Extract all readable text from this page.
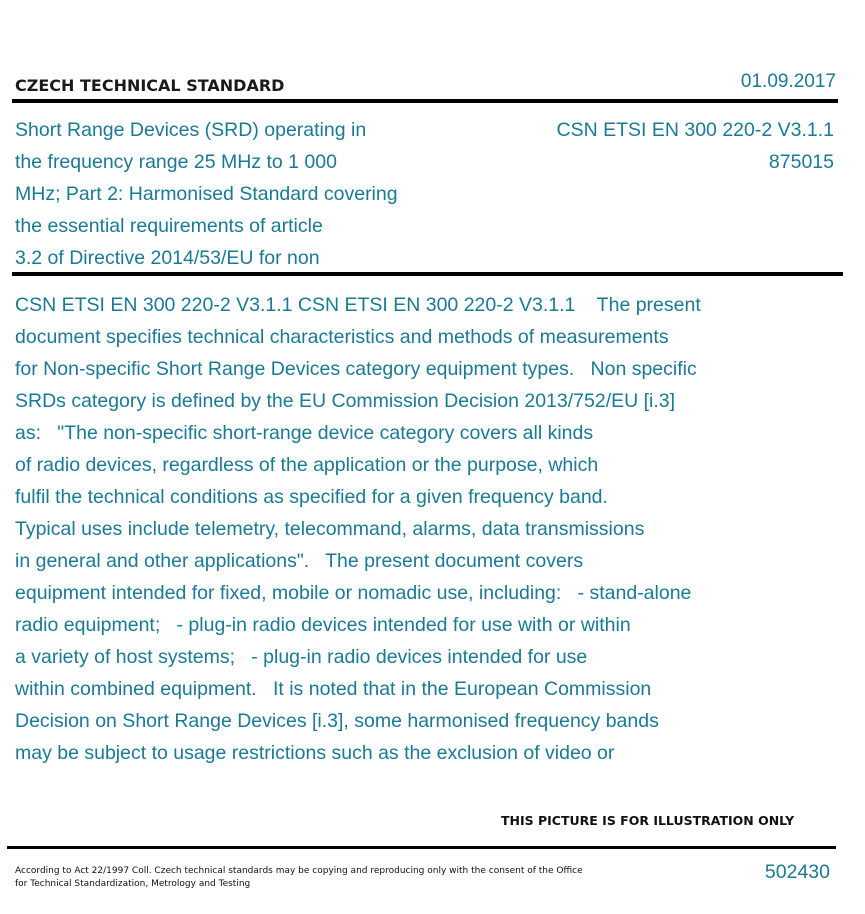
CZECH TECHNICAL STANDARD	01.09.2017
Short Range Devices (SRD) operating in
the frequency range 25 MHz to 1 000
MHz; Part 2: Harmonised Standard covering
the essential requirements of article
3.2 of Directive 2014/53/EU for non
CSN ETSI EN 300 220-2 V3.1.1
875015
CSN ETSI EN 300 220-2 V3.1.1 CSN ETSI EN 300 220-2 V3.1.1    The present
document specifies technical characteristics and methods of measurements
for Non-specific Short Range Devices category equipment types.   Non specific
SRDs category is defined by the EU Commission Decision 2013/752/EU [i.3]
as:   "The non-specific short-range device category covers all kinds
of radio devices, regardless of the application or the purpose, which
fulfil the technical conditions as specified for a given frequency band.
Typical uses include telemetry, telecommand, alarms, data transmissions
in general and other applications".   The present document covers
equipment intended for fixed, mobile or nomadic use, including:   - stand-alone
radio equipment;   - plug-in radio devices intended for use with or within
a variety of host systems;   - plug-in radio devices intended for use
within combined equipment.   It is noted that in the European Commission
Decision on Short Range Devices [i.3], some harmonised frequency bands
may be subject to usage restrictions such as the exclusion of video or
THIS PICTURE IS FOR ILLUSTRATION ONLY
According to Act 22/1997 Coll. Czech technical standards may be copying and reproducing only with the consent of the Office
for Technical Standardization, Metrology and Testing
502430
